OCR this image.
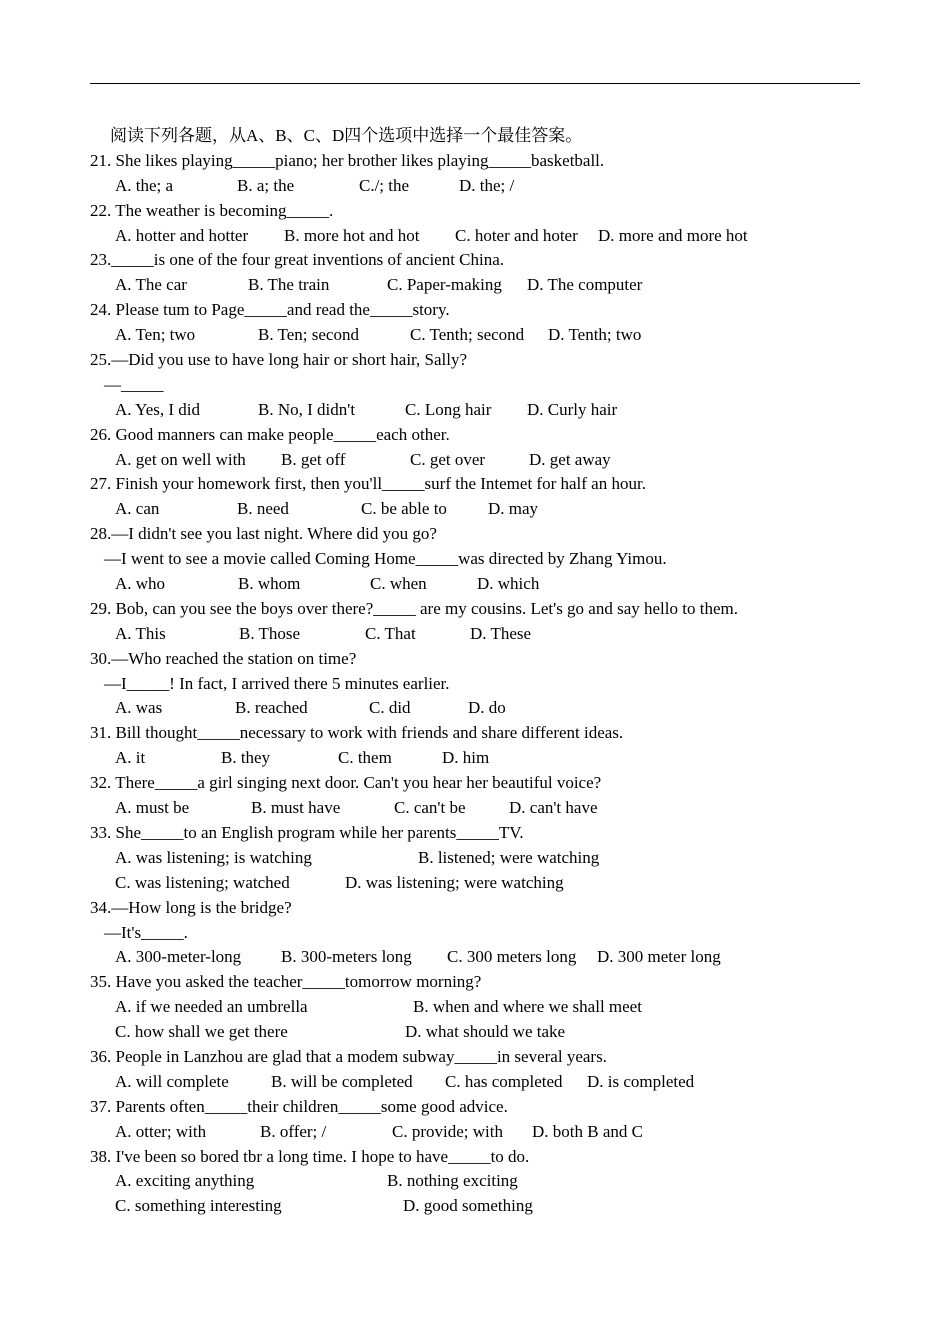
阅读下列各题，从A、B、C、D四个选项中选择一个最佳答案。
21. She likes playing_____piano; her brother likes playing_____basketball.
A. the; a	B. a; the	C./; the	D. the; /
22. The weather is becoming_____.
A. hotter and hotter B. more hot and hot C. hoter and hoter D. more and more hot
23._____is one of the four great inventions of ancient China.
A. The car	B. The train	C. Paper-making D. The computer
24. Please tum to Page_____and read the_____story.
A. Ten; two	B. Ten; second	C. Tenth; second D. Tenth; two
25.—Did you use to have long hair or short hair, Sally?
—_____
A. Yes, I did	B. No, I didn't	C. Long hair D. Curly hair
26. Good manners can make people_____each other.
A. get on well with B. get off	C. get over	D. get away
27. Finish your homework first, then you'll_____surf the Intemet for half an hour.
A. can	B. need	C. be able to D. may
28.—I didn't see you last night. Where did you go?
—I went to see a movie called Coming Home_____was directed by Zhang Yimou.
A. who	B. whom	C. when	D. which
29. Bob, can you see the boys over there?_____ are my cousins. Let's go and say hello to them.
A. This	B. Those	C. That	D. These
30.—Who reached the station on time?
—I_____! In fact, I arrived there 5 minutes earlier.
A. was	B. reached	C. did	D. do
31. Bill thought_____necessary to work with friends and share different ideas.
A. it	B. they	C. them	D. him
32. There_____a girl singing next door. Can't you hear her beautiful voice?
A. must be	B. must have	C. can't be	D. can't have
33. She_____to an English program while her parents_____TV.
A. was listening; is watching	B. listened; were watching
C. was listening; watched	D. was listening; were watching
34.—How long is the bridge?
—It's_____.
A. 300-meter-long B. 300-meters long C. 300 meters long D. 300 meter long
35. Have you asked the teacher_____tomorrow morning?
A. if we needed an umbrella	B. when and where we shall meet
C. how shall we get there	D. what should we take
36. People in Lanzhou are glad that a modem subway_____in several years.
A. will complete B. will be completed C. has completed D. is completed
37. Parents often_____their children_____some good advice.
A. otter; with	B. offer; /	C. provide; with D. both B and C
38. I've been so bored tbr a long time. I hope to have_____to do.
A. exciting anything	B. nothing exciting
C. something interesting	D. good something
